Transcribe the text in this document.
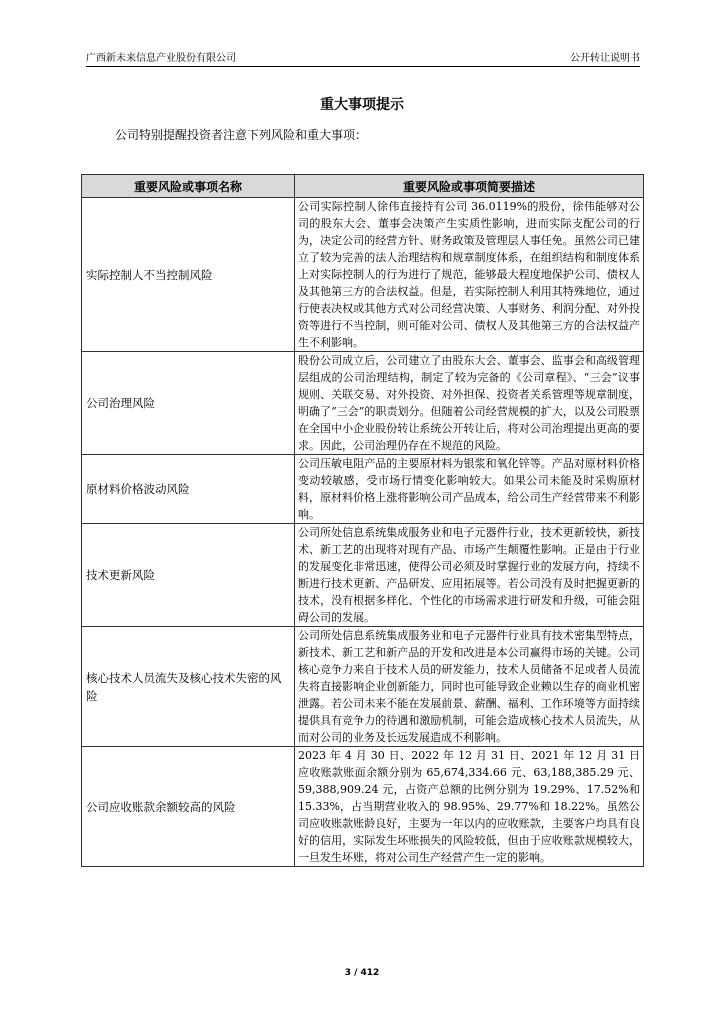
广西新未来信息产业股份有限公司	公开转让说明书
重大事项提示
公司特别提醒投资者注意下列风险和重大事项：
重要风险或事项名称	重要风险或事项简要描述
实际控制人不当控制风险	公司实际控制人徐伟直接持有公司 36.0119%的股份，徐伟能够对公司的股东大会、董事会决策产生实质性影响，进而实际支配公司的行为，决定公司的经营方针、财务政策及管理层人事任免。虽然公司已建立了较为完善的法人治理结构和规章制度体系，在组织结构和制度体系上对实际控制人的行为进行了规范，能够最大程度地保护公司、债权人及其他第三方的合法权益。但是，若实际控制人利用其特殊地位，通过行使表决权或其他方式对公司经营决策、人事财务、利润分配、对外投资等进行不当控制，则可能对公司、债权人及其他第三方的合法权益产生不利影响。
公司治理风险	股份公司成立后，公司建立了由股东大会、董事会、监事会和高级管理层组成的公司治理结构，制定了较为完备的《公司章程》、“三会”议事规则、关联交易、对外投资、对外担保、投资者关系管理等规章制度，明确了“三会”的职责划分。但随着公司经营规模的扩大，以及公司股票在全国中小企业股份转让系统公开转让后，将对公司治理提出更高的要求。因此，公司治理仍存在不规范的风险。
原材料价格波动风险	公司压敏电阻产品的主要原材料为银浆和氧化锌等。产品对原材料价格变动较敏感，受市场行情变化影响较大。如果公司未能及时采购原材料，原材料价格上涨将影响公司产品成本，给公司生产经营带来不利影响。
技术更新风险	公司所处信息系统集成服务业和电子元器件行业，技术更新较快，新技术、新工艺的出现将对现有产品、市场产生颠覆性影响。正是由于行业的发展变化非常迅速，使得公司必须及时掌握行业的发展方向，持续不断进行技术更新、产品研发、应用拓展等。若公司没有及时把握更新的技术，没有根据多样化、个性化的市场需求进行研发和升级，可能会阻碍公司的发展。
核心技术人员流失及核心技术失密的风险	公司所处信息系统集成服务业和电子元器件行业具有技术密集型特点，新技术、新工艺和新产品的开发和改进是本公司赢得市场的关键。公司核心竞争力来自于技术人员的研发能力，技术人员储备不足或者人员流失将直接影响企业创新能力，同时也可能导致企业赖以生存的商业机密泄露。若公司未来不能在发展前景、薪酬、福利、工作环境等方面持续提供具有竞争力的待遇和激励机制，可能会造成核心技术人员流失，从而对公司的业务及长远发展造成不利影响。
公司应收账款余额较高的风险	2023 年 4 月 30 日、2022 年 12 月 31 日、2021 年 12 月 31 日应收账款账面余额分别为 65,674,334.66 元、63,188,385.29 元、59,388,909.24 元，占资产总额的比例分别为 19.29%、17.52%和 15.33%，占当期营业收入的 98.95%、29.77%和 18.22%。虽然公司应收账款账龄良好，主要为一年以内的应收账款，主要客户均具有良好的信用，实际发生坏账损失的风险较低，但由于应收账款规模较大，一旦发生坏账，将对公司生产经营产生一定的影响。
3 / 412
